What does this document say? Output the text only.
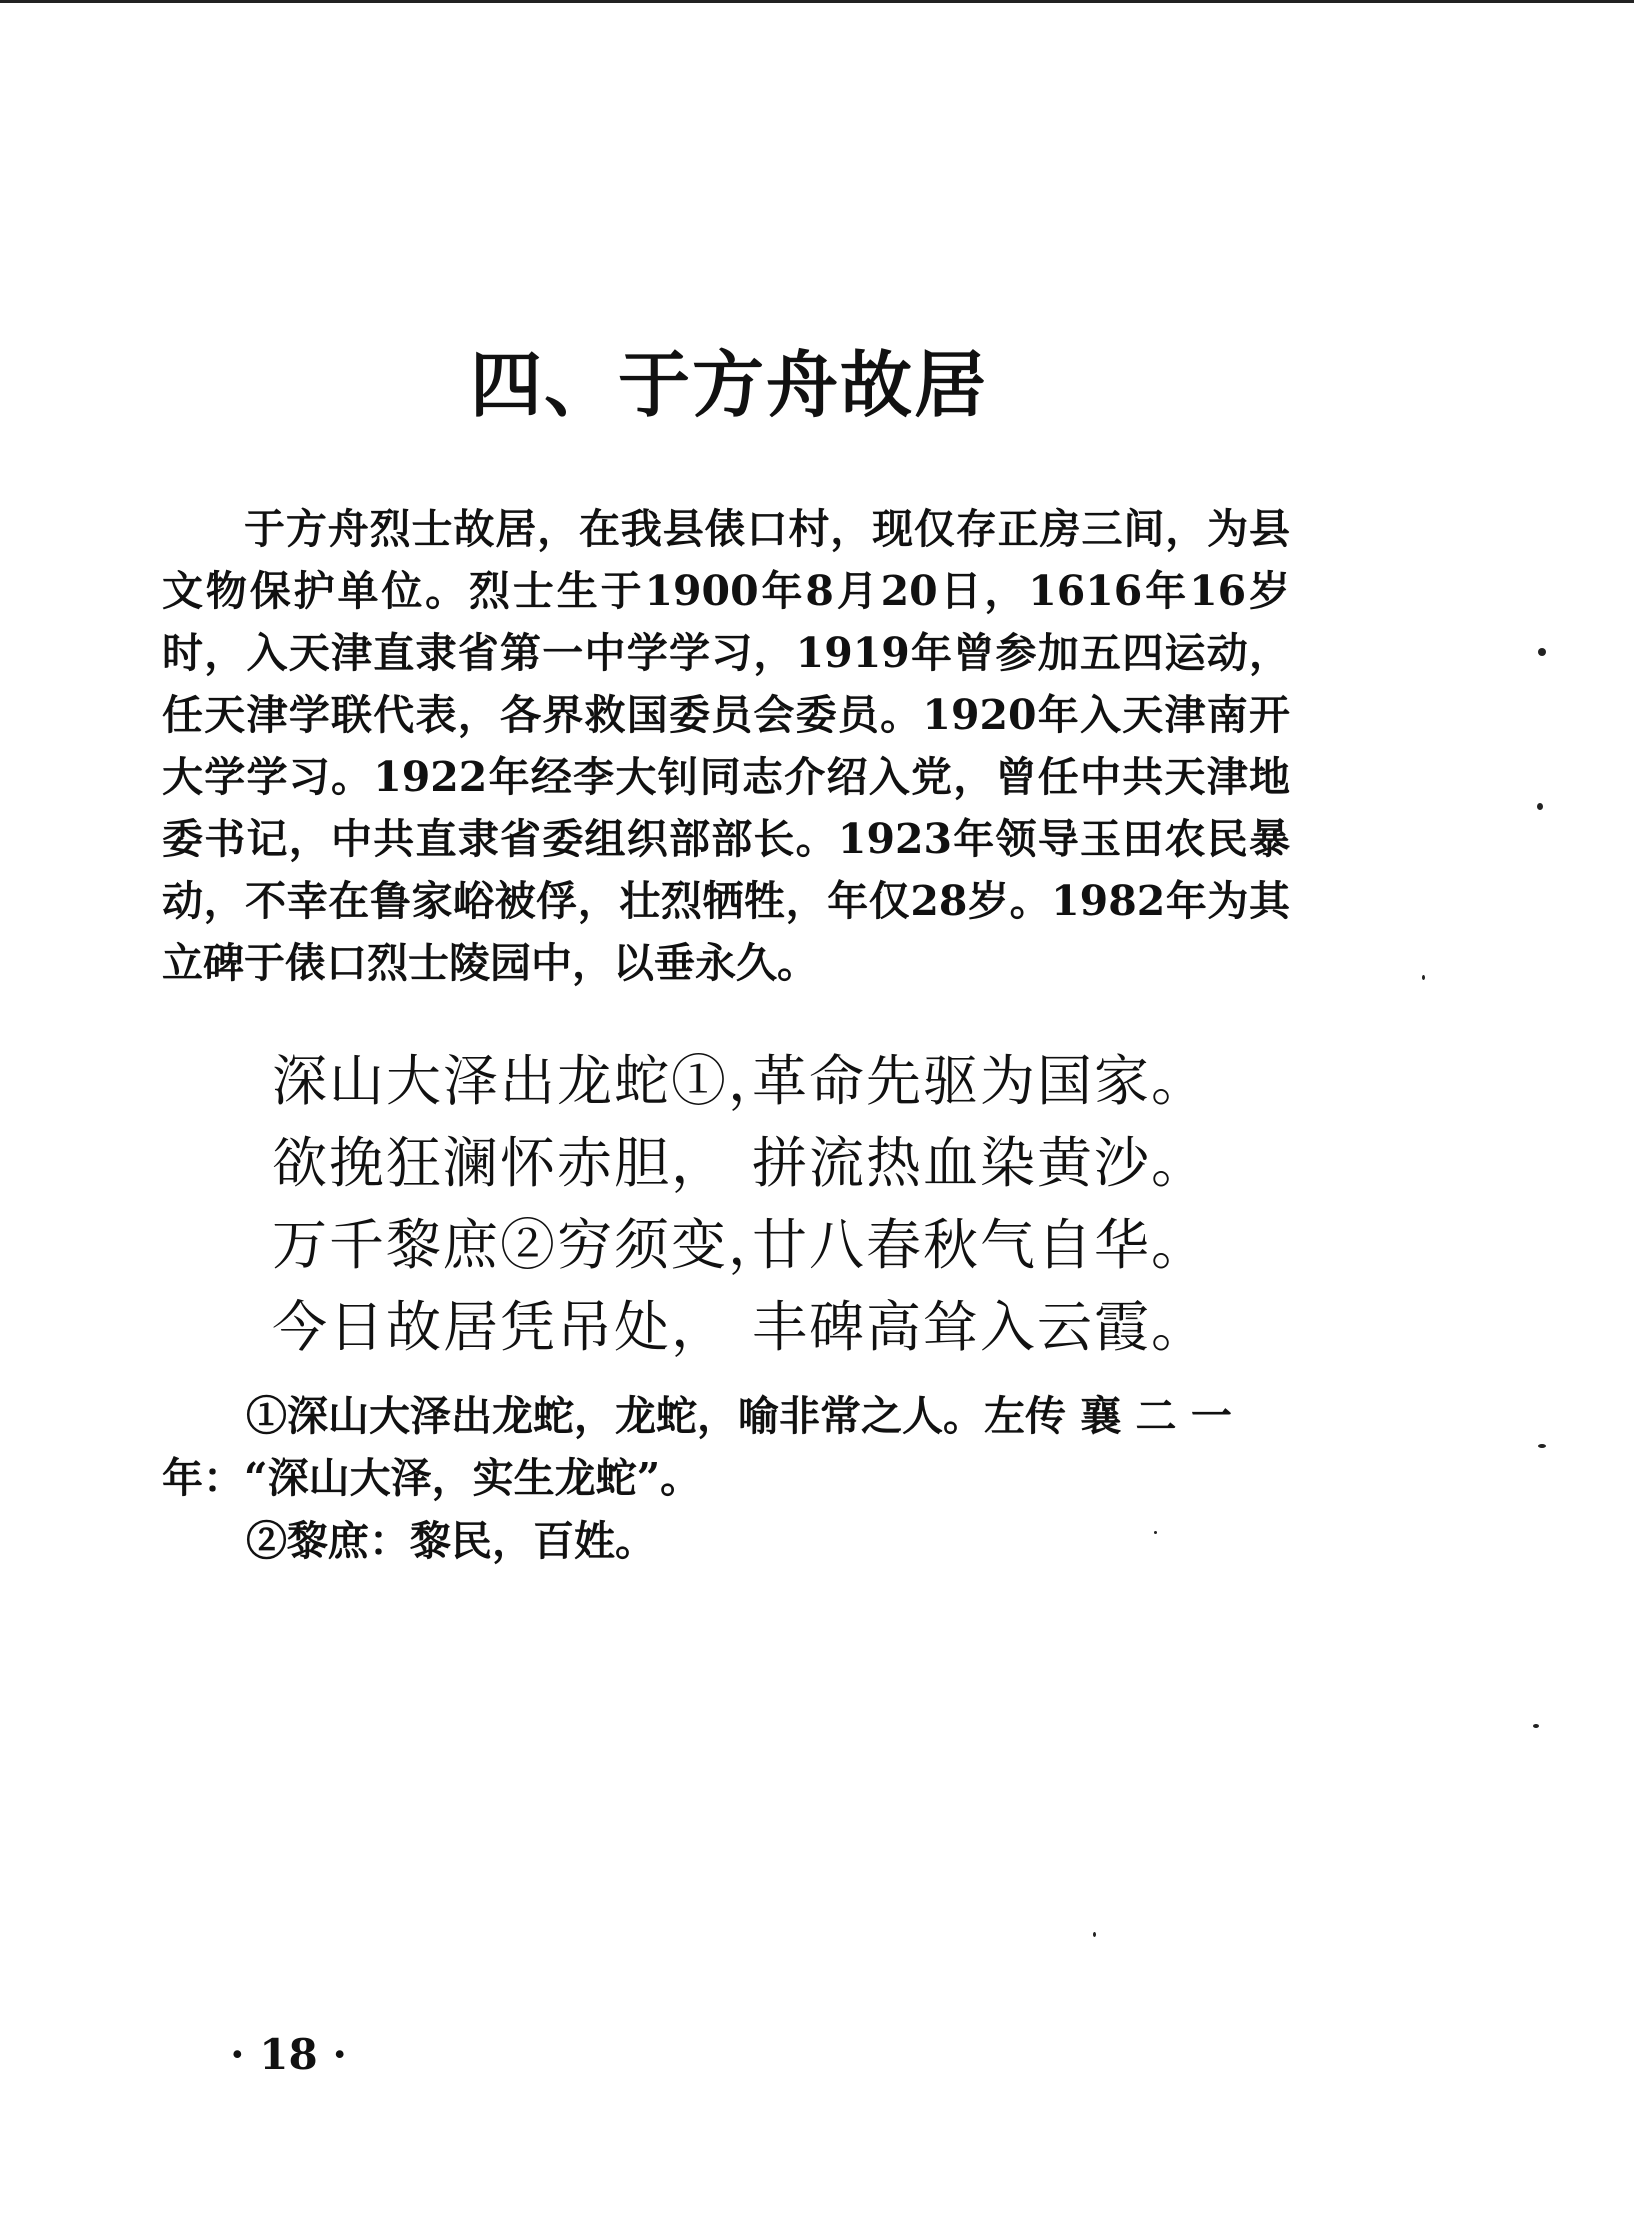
四、于方舟故居

于方舟烈士故居，在我县俵口村，现仅存正房三间，为县文物保护单位。烈士生于1900年8月20日，1616年16岁时，入天津直隶省第一中学学习，1919年曾参加五四运动，任天津学联代表，各界救国委员会委员。1920年入天津南开大学学习。1922年经李大钊同志介绍入党，曾任中共天津地委书记，中共直隶省委组织部部长。1923年领导玉田农民暴动，不幸在鲁家峪被俘，壮烈牺牲，年仅28岁。1982年为其立碑于俵口烈士陵园中，以垂永久。

深山大泽出龙蛇①，革命先驱为国家。
欲挽狂澜怀赤胆， 拼流热血染黄沙。
万千黎庶②穷须变，廿八春秋气自华。
今日故居凭吊处， 丰碑高耸入云霞。

①深山大泽出龙蛇，龙蛇，喻非常之人。左传 襄 二 一 年：“深山大泽，实生龙蛇”。

②黎庶：黎民，百姓。

· 18 ·
